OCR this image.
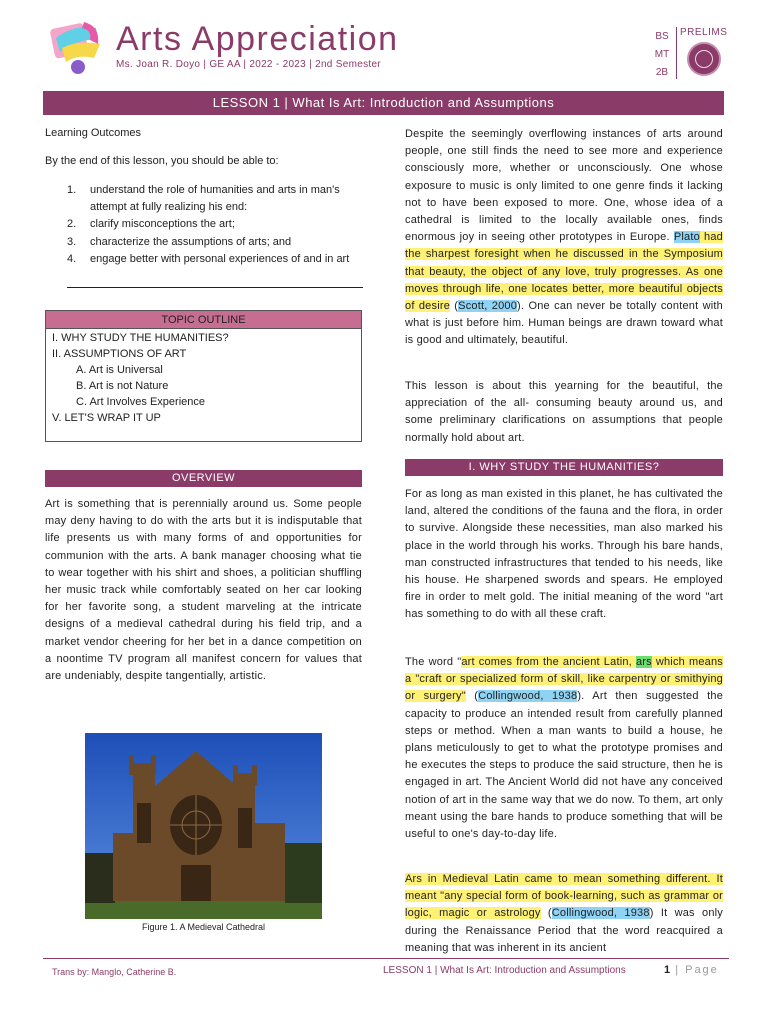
Arts Appreciation
Ms. Joan R. Doyo | GE AA | 2022 - 2023 | 2nd Semester
BS
MT
2B
PRELIMS
LESSON 1 | What Is Art: Introduction and Assumptions
Learning Outcomes
By the end of this lesson, you should be able to:
1. understand the role of humanities and arts in man's attempt at fully realizing his end:
2. clarify misconceptions the art;
3. characterize the assumptions of arts; and
4. engage better with personal experiences of and in art
TOPIC OUTLINE
I. WHY STUDY THE HUMANITIES?
II. ASSUMPTIONS OF ART
A. Art is Universal
B. Art is not Nature
C. Art Involves Experience
V. LET'S WRAP IT UP
OVERVIEW
Art is something that is perennially around us. Some people may deny having to do with the arts but it is indisputable that life presents us with many forms of and opportunities for communion with the arts. A bank manager choosing what tie to wear together with his shirt and shoes, a politician shuffling her music track while comfortably seated on her car looking for her favorite song, a student marveling at the intricate designs of a medieval cathedral during his field trip, and a market vendor cheering for her bet in a dance competition on a noontime TV program all manifest concern for values that are undeniably, despite tangentially, artistic.
Figure 1. A Medieval Cathedral
Despite the seemingly overflowing instances of arts around people, one still finds the need to see more and experience consciously more, whether or unconsciously. One whose exposure to music is only limited to one genre finds it lacking not to have been exposed to more. One, whose idea of a cathedral is limited to the locally available ones, finds enormous joy in seeing other prototypes in Europe. Plato had the sharpest foresight when he discussed in the Symposium that beauty, the object of any love, truly progresses. As one moves through life, one locates better, more beautiful objects of desire (Scott, 2000). One can never be totally content with what is just before him. Human beings are drawn toward what is good and ultimately, beautiful.
This lesson is about this yearning for the beautiful, the appreciation of the all- consuming beauty around us, and some preliminary clarifications on assumptions that people normally hold about art.
I. WHY STUDY THE HUMANITIES?
For as long as man existed in this planet, he has cultivated the land, altered the conditions of the fauna and the flora, in order to survive. Alongside these necessities, man also marked his place in the world through his works. Through his bare hands, man constructed infrastructures that tended to his needs, like his house. He sharpened swords and spears. He employed fire in order to melt gold. The initial meaning of the word "art has something to do with all these craft.
The word "art comes from the ancient Latin, ars which means a "craft or specialized form of skill, like carpentry or smithying or surgery" (Collingwood, 1938). Art then suggested the capacity to produce an intended result from carefully planned steps or method. When a man wants to build a house, he plans meticulously to get to what the prototype promises and he executes the steps to produce the said structure, then he is engaged in art. The Ancient World did not have any conceived notion of art in the same way that we do now. To them, art only meant using the bare hands to produce something that will be useful to one's day-to-day life.
Ars in Medieval Latin came to mean something different. It meant "any special form of book-learning, such as grammar or logic, magic or astrology (Collingwood, 1938) It was only during the Renaissance Period that the word reacquired a meaning that was inherent in its ancient
Trans by: Manglo, Catherine B.	LESSON 1 | What Is Art: Introduction and Assumptions	1 | Page
